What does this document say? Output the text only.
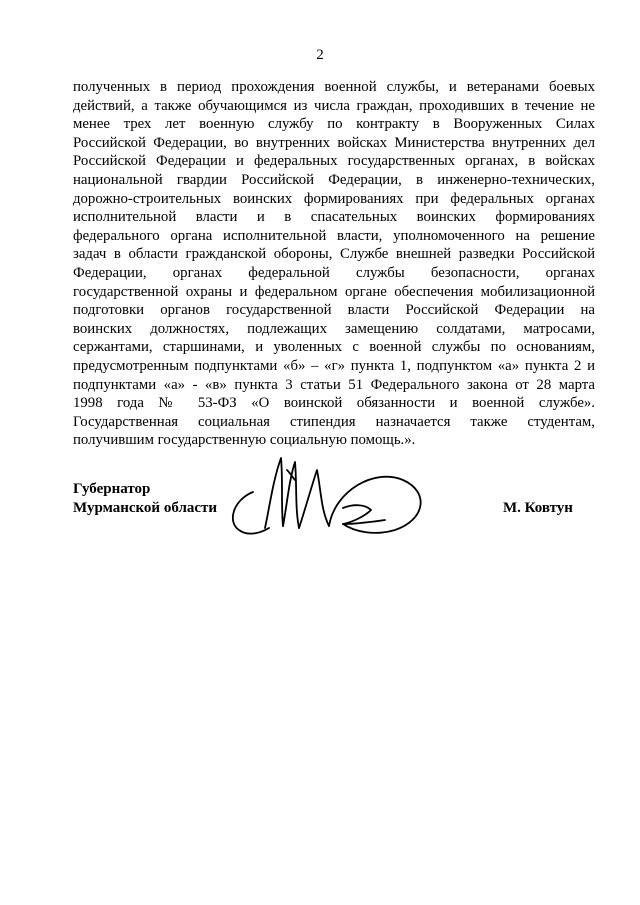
2
полученных в период прохождения военной службы, и ветеранами боевых
действий, а также обучающимся из числа граждан, проходивших в течение не
менее трех лет военную службу по контракту в Вооруженных Силах
Российской Федерации, во внутренних войсках Министерства внутренних дел
Российской Федерации и федеральных государственных органах, в войсках
национальной гвардии Российской Федерации, в инженерно-технических,
дорожно-строительных воинских формированиях при федеральных органах
исполнительной власти и в спасательных воинских формированиях
федерального органа исполнительной власти, уполномоченного на решение
задач в области гражданской обороны, Службе внешней разведки Российской
Федерации, органах федеральной службы безопасности, органах
государственной охраны и федеральном органе обеспечения мобилизационной
подготовки органов государственной власти Российской Федерации на
воинских должностях, подлежащих замещению солдатами, матросами,
сержантами, старшинами, и уволенных с военной службы по основаниям,
предусмотренным подпунктами «б» – «г» пункта 1, подпунктом «а» пункта 2 и
подпунктами «а» - «в» пункта 3 статьи 51 Федерального закона от 28 марта
1998 года № 53-ФЗ «О воинской обязанности и военной службе».
Государственная социальная стипендия назначается также студентам,
получившим государственную социальную помощь.».
Губернатор
Мурманской области	М. Ковтун
